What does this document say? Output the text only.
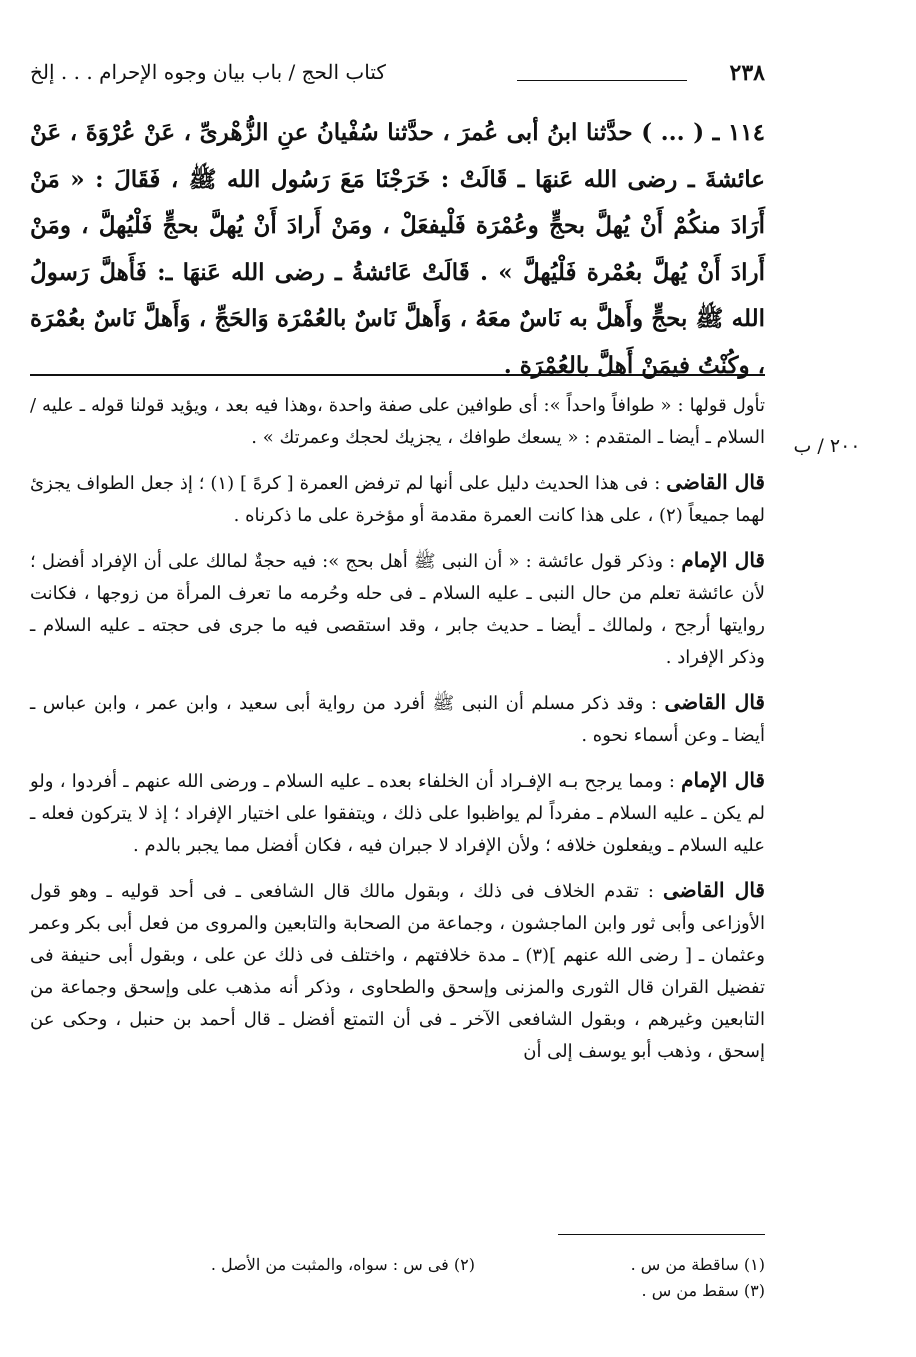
٢٣٨
كتاب الحج / باب بيان وجوه الإحرام . . . إلخ

١١٤ ـ ( ... ) حدَّثنا ابنُ أبى عُمرَ ، حدَّثنا سُفْيانُ عنِ الزُّهْرىِّ ، عَنْ عُرْوَةَ ، عَنْ عائشةَ ـ رضى الله عَنهَا ـ قَالَتْ : خَرَجْنَا مَعَ رَسُول الله ﷺ ، فَقَالَ : « مَنْ أَرَادَ منكُمْ أَنْ يُهلَّ بحجٍّ وعُمْرَة فَلْيفعَلْ ، ومَنْ أَرادَ أَنْ يُهلَّ بحجٍّ فَلْيُهلَّ ، ومَنْ أَرادَ أَنْ يُهلَّ بعُمْرة فَلْيُهلَّ » . قَالَتْ عَائشةُ ـ رضى الله عَنهَا ـ: فَأَهلَّ رَسولُ الله ﷺ بحجٍّ وأَهلَّ به نَاسٌ معَهُ ، وَأَهلَّ نَاسٌ بالعُمْرَة وَالحَجِّ ، وَأَهلَّ نَاسٌ بعُمْرَة ، وكُنْتُ فيمَنْ أَهلَّ بالعُمْرَة .

٢٠٠ / ب

تأول قولها : « طوافاً واحداً »: أى طوافين على صفة واحدة ،وهذا فيه بعد ، ويؤيد قولنا قوله ـ عليه / السلام ـ أيضا ـ المتقدم : « يسعك طوافك ، يجزيك لحجك وعمرتك » .

قال القاضى : فى هذا الحديث دليل على أنها لم ترفض العمرة [ كرهً ] (١) ؛ إذ جعل الطواف يجزئ لهما جميعاً (٢) ، على هذا كانت العمرة مقدمة أو مؤخرة على ما ذكرناه .

قال الإمام : وذكر قول عائشة : « أن النبى ﷺ أهل بحج »: فيه حجةٌ لمالك على أن الإفراد أفضل ؛ لأن عائشة تعلم من حال النبى ـ عليه السلام ـ فى حله وحُرمه ما تعرف المرأة من زوجها ، فكانت روايتها أرجح ، ولمالك ـ أيضا ـ حديث جابر ، وقد استقصى فيه ما جرى فى حجته ـ عليه السلام ـ وذكر الإفراد .

قال القاضى : وقد ذكر مسلم أن النبى ﷺ أفرد من رواية أبى سعيد ، وابن عمر ، وابن عباس ـ أيضا ـ وعن أسماء نحوه .

قال الإمام : ومما يرجح بـه الإفـراد أن الخلفاء بعده ـ عليه السلام ـ ورضى الله عنهم ـ أفردوا ، ولو لم يكن ـ عليه السلام ـ مفرداً لم يواظبوا على ذلك ، ويتفقوا على اختيار الإفراد ؛ إذ لا يتركون فعله ـ عليه السلام ـ ويفعلون خلافه ؛ ولأن الإفراد لا جبران فيه ، فكان أفضل مما يجبر بالدم .

قال القاضى : تقدم الخلاف فى ذلك ، وبقول مالك قال الشافعى ـ فى أحد قوليه ـ وهو قول الأوزاعى وأبى ثور وابن الماجشون ، وجماعة من الصحابة والتابعين والمروى من فعل أبى بكر وعمر وعثمان ـ [ رضى الله عنهم ](٣) ـ مدة خلافتهم ، واختلف فى ذلك عن على ، وبقول أبى حنيفة فى تفضيل القران قال الثورى والمزنى وإسحق والطحاوى ، وذكر أنه مذهب على وإسحق وجماعة من التابعين وغيرهم ، وبقول الشافعى الآخر ـ فى أن التمتع أفضل ـ قال أحمد بن حنبل ، وحكى عن إسحق ، وذهب أبو يوسف إلى أن

(١) ساقطة من س .
(٢) فى س : سواه، والمثبت من الأصل .
(٣) سقط من س .
